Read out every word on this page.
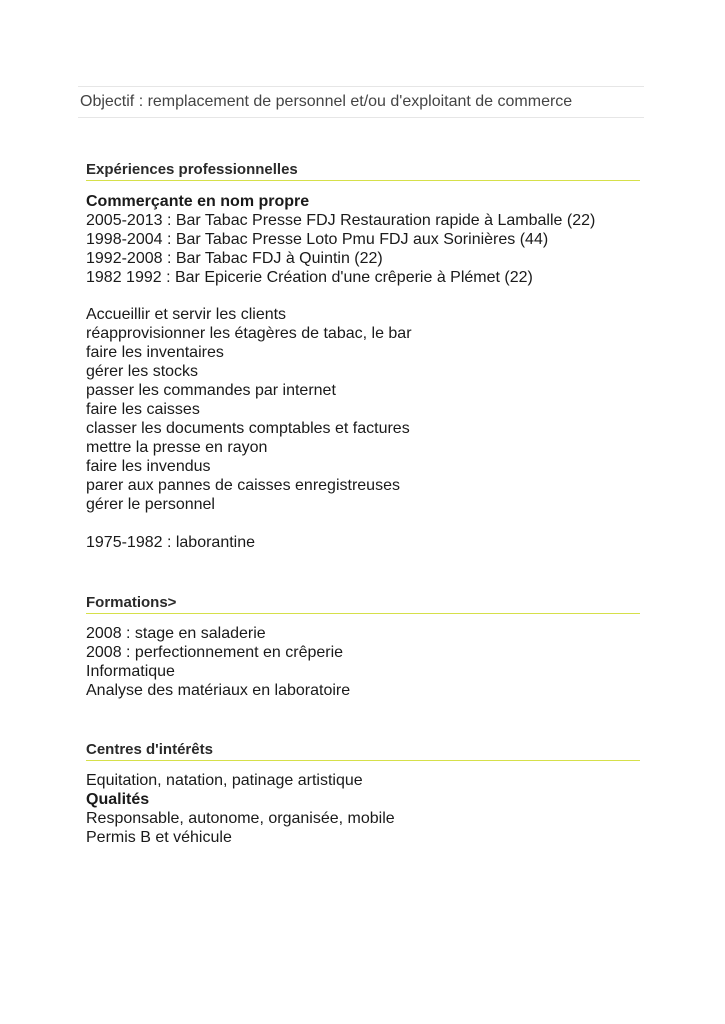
Objectif : remplacement de personnel et/ou d'exploitant de commerce
Expériences professionnelles
Commerçante en nom propre
2005-2013 : Bar Tabac Presse FDJ Restauration rapide à Lamballe (22)
1998-2004 : Bar Tabac Presse Loto Pmu FDJ aux Sorinières (44)
1992-2008 : Bar Tabac FDJ à Quintin (22)
1982 1992 : Bar Epicerie Création d'une crêperie à Plémet (22)
Accueillir et servir les clients
réapprovisionner les étagères de tabac, le bar
faire les inventaires
gérer les stocks
passer les commandes par internet
faire les caisses
classer les documents comptables et factures
mettre la presse en rayon
faire les invendus
parer aux pannes de caisses enregistreuses
gérer le personnel
1975-1982 : laborantine
Formations>
2008 : stage en saladerie
2008 : perfectionnement en crêperie
Informatique
Analyse des matériaux en laboratoire
Centres d'intérêts
Equitation, natation, patinage artistique
Qualités
Responsable, autonome, organisée, mobile
Permis B et véhicule
